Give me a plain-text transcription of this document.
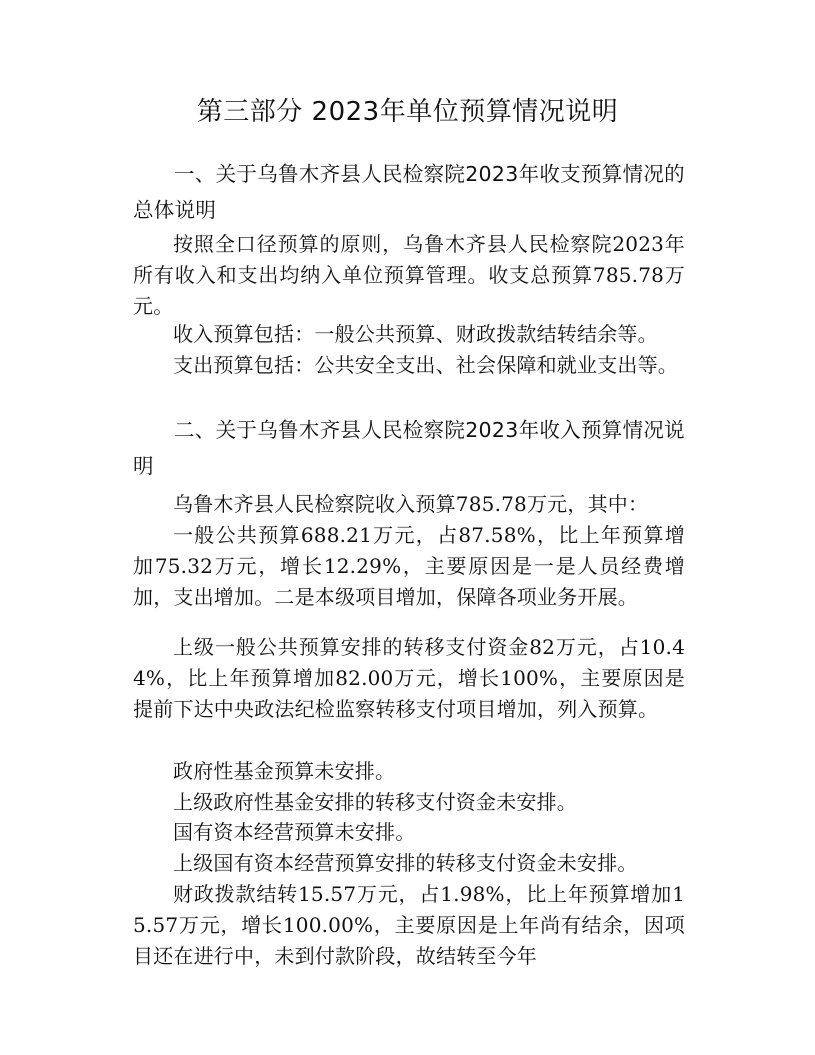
第三部分 2023年单位预算情况说明
一、关于乌鲁木齐县人民检察院2023年收支预算情况的总体说明
按照全口径预算的原则，乌鲁木齐县人民检察院2023年所有收入和支出均纳入单位预算管理。收支总预算785.78万元。
收入预算包括：一般公共预算、财政拨款结转结余等。
支出预算包括：公共安全支出、社会保障和就业支出等。
二、关于乌鲁木齐县人民检察院2023年收入预算情况说明
乌鲁木齐县人民检察院收入预算785.78万元，其中：
一般公共预算688.21万元，占87.58%，比上年预算增加75.32万元，增长12.29%，主要原因是一是人员经费增加，支出增加。二是本级项目增加，保障各项业务开展。
上级一般公共预算安排的转移支付资金82万元，占10.44%，比上年预算增加82.00万元，增长100%，主要原因是提前下达中央政法纪检监察转移支付项目增加，列入预算。
政府性基金预算未安排。
上级政府性基金安排的转移支付资金未安排。
国有资本经营预算未安排。
上级国有资本经营预算安排的转移支付资金未安排。
财政拨款结转15.57万元，占1.98%，比上年预算增加15.57万元，增长100.00%，主要原因是上年尚有结余，因项目还在进行中，未到付款阶段，故结转至今年
